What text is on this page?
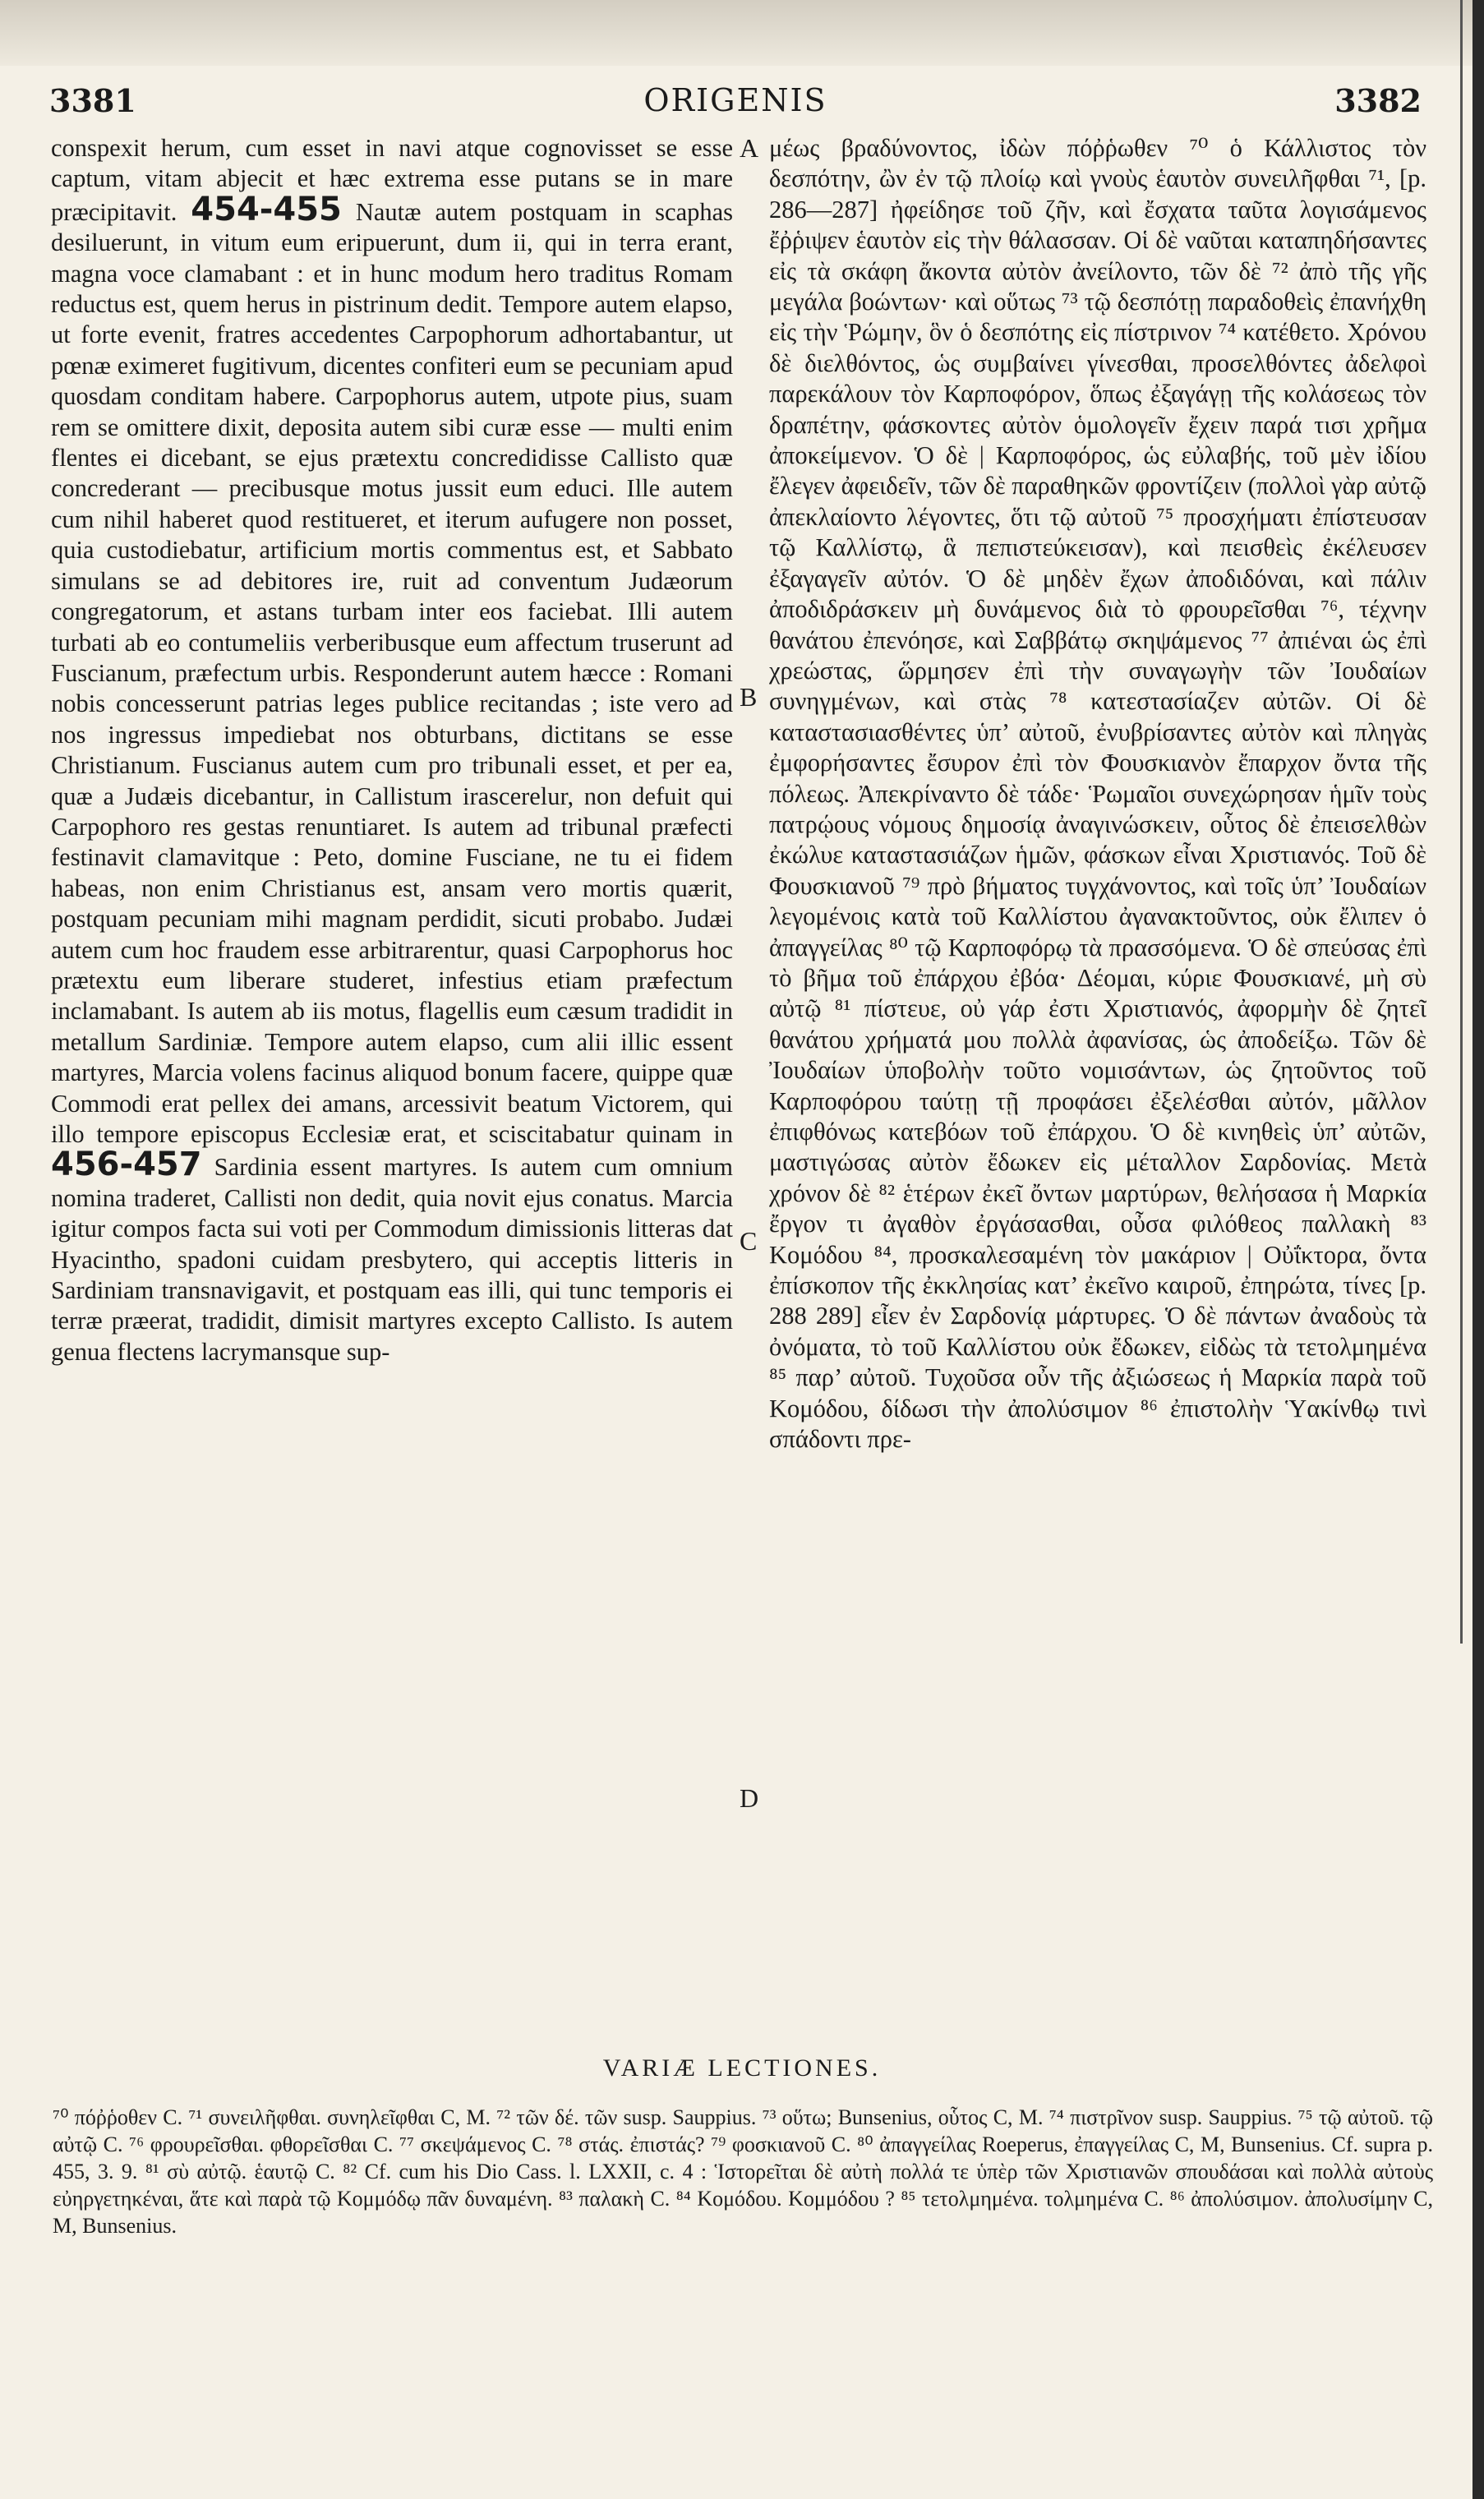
3381	ORIGENIS	3382

conspexit herum, cum esset in navi atque cognovisset se esse captum, vitam abjecit et hæc extrema esse putans se in mare præcipitavit. 454-455 Nautæ autem postquam in scaphas desiluerunt, in vitum eum eripuerunt, dum ii, qui in terra erant, magna voce clamabant : et in hunc modum hero traditus Romam reductus est, quem herus in pistrinum dedit. Tempore autem elapso, ut forte evenit, fratres accedentes Carpophorum adhortabantur, ut pœnæ eximeret fugitivum, dicentes confiteri eum se pecuniam apud quosdam conditam habere. Carpophorus autem, utpote pius, suam rem se omittere dixit, deposita autem sibi curæ esse — multi enim flentes ei dicebant, se ejus prætextu concredidisse Callisto quæ concrederant — precibusque motus jussit eum educi. Ille autem cum nihil haberet quod restitueret, et iterum aufugere non posset, quia custodiebatur, artificium mortis commentus est, et Sabbato simulans se ad debitores ire, ruit ad conventum Judæorum congregatorum, et astans turbam inter eos faciebat. Illi autem turbati ab eo contumeliis verberibusque eum affectum truserunt ad Fuscianum, præfectum urbis. Responderunt autem hæcce : Romani nobis concesserunt patrias leges publice recitandas ; iste vero ad nos ingressus impediebat nos obturbans, dictitans se esse Christianum. Fuscianus autem cum pro tribunali esset, et per ea, quæ a Judæis dicebantur, in Callistum irascerelur, non defuit qui Carpophoro res gestas renuntiaret. Is autem ad tribunal præfecti festinavit clamavitque : Peto, domine Fusciane, ne tu ei fidem habeas, non enim Christianus est, ansam vero mortis quærit, postquam pecuniam mihi magnam perdidit, sicuti probabo. Judæi autem cum hoc fraudem esse arbitrarentur, quasi Carpophorus hoc prætextu eum liberare studeret, infestius etiam præfectum inclamabant. Is autem ab iis motus, flagellis eum cæsum tradidit in metallum Sardiniæ. Tempore autem elapso, cum alii illic essent martyres, Marcia volens facinus aliquod bonum facere, quippe quæ Commodi erat pellex dei amans, arcessivit beatum Victorem, qui illo tempore episcopus Ecclesiæ erat, et sciscitabatur quinam in 456-457 Sardinia essent martyres. Is autem cum omnium nomina traderet, Callisti non dedit, quia novit ejus conatus. Marcia igitur compos facta sui voti per Commodum dimissionis litteras dat Hyacintho, spadoni cuidam presbytero, qui acceptis litteris in Sardiniam transnavigavit, et postquam eas illi, qui tunc temporis ei terræ præerat, tradidit, dimisit martyres excepto Callisto. Is autem genua flectens lacrymansque sup-

A
B
C
D

μέως βραδύνοντος, ἰδὼν πόῤῥωθεν ⁷⁰ ὁ Κάλλιστος τὸν δεσπότην, ὢν ἐν τῷ πλοίῳ καὶ γνοὺς ἑαυτὸν συνειλῆφθαι ⁷¹, [p. 286—287] ἠφείδησε τοῦ ζῆν, καὶ ἔσχατα ταῦτα λογισάμενος ἔῤῥιψεν ἑαυτὸν εἰς τὴν θάλασσαν. Οἱ δὲ ναῦται καταπηδήσαντες εἰς τὰ σκάφη ἄκοντα αὐτὸν ἀνείλοντο, τῶν δὲ ⁷² ἀπὸ τῆς γῆς μεγάλα βοώντων· καὶ οὕτως ⁷³ τῷ δεσπότῃ παραδοθεὶς ἐπανήχθη εἰς τὴν Ῥώμην, ὃν ὁ δεσπότης εἰς πίστρινον ⁷⁴ κατέθετο. Χρόνου δὲ διελθόντος, ὡς συμβαίνει γίνεσθαι, προσελθόντες ἀδελφοὶ παρεκάλουν τὸν Καρποφόρον, ὅπως ἐξαγάγῃ τῆς κολάσεως τὸν δραπέτην, φάσκοντες αὐτὸν ὁμολογεῖν ἔχειν παρά τισι χρῆμα ἀποκείμενον. Ὁ δὲ | Καρποφόρος, ὡς εὐλαβής, τοῦ μὲν ἰδίου ἔλεγεν ἀφειδεῖν, τῶν δὲ παραθηκῶν φροντίζειν (πολλοὶ γὰρ αὐτῷ ἀπεκλαίοντο λέγοντες, ὅτι τῷ αὐτοῦ ⁷⁵ προσχήματι ἐπίστευσαν τῷ Καλλίστῳ, ἃ πεπιστεύκεισαν), καὶ πεισθεὶς ἐκέλευσεν ἐξαγαγεῖν αὐτόν. Ὁ δὲ μηδὲν ἔχων ἀποδιδόναι, καὶ πάλιν ἀποδιδράσκειν μὴ δυνάμενος διὰ τὸ φρουρεῖσθαι ⁷⁶, τέχνην θανάτου ἐπενόησε, καὶ Σαββάτῳ σκηψάμενος ⁷⁷ ἀπιέναι ὡς ἐπὶ χρεώστας, ὥρμησεν ἐπὶ τὴν συναγωγὴν τῶν Ἰουδαίων συνηγμένων, καὶ στὰς ⁷⁸ κατεστασίαζεν αὐτῶν. Οἱ δὲ καταστασιασθέντες ὑπ’ αὐτοῦ, ἐνυβρίσαντες αὐτὸν καὶ πληγὰς ἐμφορήσαντες ἔσυρον ἐπὶ τὸν Φουσκιανὸν ἔπαρχον ὄντα τῆς πόλεως. Ἀπεκρίναντο δὲ τάδε· Ῥωμαῖοι συνεχώρησαν ἡμῖν τοὺς πατρῴους νόμους δημοσίᾳ ἀναγινώσκειν, οὗτος δὲ ἐπεισελθὼν ἐκώλυε καταστασιάζων ἡμῶν, φάσκων εἶναι Χριστιανός. Τοῦ δὲ Φουσκιανοῦ ⁷⁹ πρὸ βήματος τυγχάνοντος, καὶ τοῖς ὑπ’ Ἰουδαίων λεγομένοις κατὰ τοῦ Καλλίστου ἀγανακτοῦντος, οὐκ ἔλιπεν ὁ ἀπαγγείλας ⁸⁰ τῷ Καρποφόρῳ τὰ πρασσόμενα. Ὁ δὲ σπεύσας ἐπὶ τὸ βῆμα τοῦ ἐπάρχου ἐβόα· Δέομαι, κύριε Φουσκιανέ, μὴ σὺ αὐτῷ ⁸¹ πίστευε, οὐ γάρ ἐστι Χριστιανός, ἀφορμὴν δὲ ζητεῖ θανάτου χρήματά μου πολλὰ ἀφανίσας, ὡς ἀποδείξω. Τῶν δὲ Ἰουδαίων ὑποβολὴν τοῦτο νομισάντων, ὡς ζητοῦντος τοῦ Καρποφόρου ταύτῃ τῇ προφάσει ἐξελέσθαι αὐτόν, μᾶλλον ἐπιφθόνως κατεβόων τοῦ ἐπάρχου. Ὁ δὲ κινηθεὶς ὑπ’ αὐτῶν, μαστιγώσας αὐτὸν ἔδωκεν εἰς μέταλλον Σαρδονίας. Μετὰ χρόνον δὲ ⁸² ἑτέρων ἐκεῖ ὄντων μαρτύρων, θελήσασα ἡ Μαρκία ἔργον τι ἀγαθὸν ἐργάσασθαι, οὖσα φιλόθεος παλλακὴ ⁸³ Κομόδου ⁸⁴, προσκαλεσαμένη τὸν μακάριον | Οὐΐκτορα, ὄντα ἐπίσκοπον τῆς ἐκκλησίας κατ’ ἐκεῖνο καιροῦ, ἐπηρώτα, τίνες [p. 288 289] εἶεν ἐν Σαρδονίᾳ μάρτυρες. Ὁ δὲ πάντων ἀναδοὺς τὰ ὀνόματα, τὸ τοῦ Καλλίστου οὐκ ἔδωκεν, εἰδὼς τὰ τετολμημένα ⁸⁵ παρ’ αὐτοῦ. Τυχοῦσα οὖν τῆς ἀξιώσεως ἡ Μαρκία παρὰ τοῦ Κομόδου, δίδωσι τὴν ἀπολύσιμον ⁸⁶ ἐπιστολὴν Ὑακίνθῳ τινὶ σπάδοντι πρε-

VARIÆ LECTIONES.

⁷⁰ πόῤῥοθεν C. ⁷¹ συνειλῆφθαι. συνηλεῖφθαι C, M. ⁷² τῶν δέ. τῶν susp. Sauppius. ⁷³ οὕτω; Bunsenius, οὗτος C, M. ⁷⁴ πιστρῖνον susp. Sauppius. ⁷⁵ τῷ αὐτοῦ. τῷ αὐτῷ C. ⁷⁶ φρουρεῖσθαι. φθορεῖσθαι C. ⁷⁷ σκεψάμενος C. ⁷⁸ στάς. ἐπιστάς? ⁷⁹ φοσκιανοῦ C. ⁸⁰ ἀπαγγείλας Roeperus, ἐπαγγείλας C, M, Bunsenius. Cf. supra p. 455, 3. 9. ⁸¹ σὺ αὐτῷ. ἑαυτῷ C. ⁸² Cf. cum his Dio Cass. l. LXXII, c. 4 : Ἱστορεῖται δὲ αὐτὴ πολλά τε ὑπὲρ τῶν Χριστιανῶν σπουδάσαι καὶ πολλὰ αὐτοὺς εὐηργετηκέναι, ἅτε καὶ παρὰ τῷ Κομμόδῳ πᾶν δυναμένη. ⁸³ παλακὴ C. ⁸⁴ Κομόδου. Κομμόδου ? ⁸⁵ τετολμημένα. τολμημένα C. ⁸⁶ ἀπολύσιμον. ἀπολυσίμην C, M, Bunsenius.
